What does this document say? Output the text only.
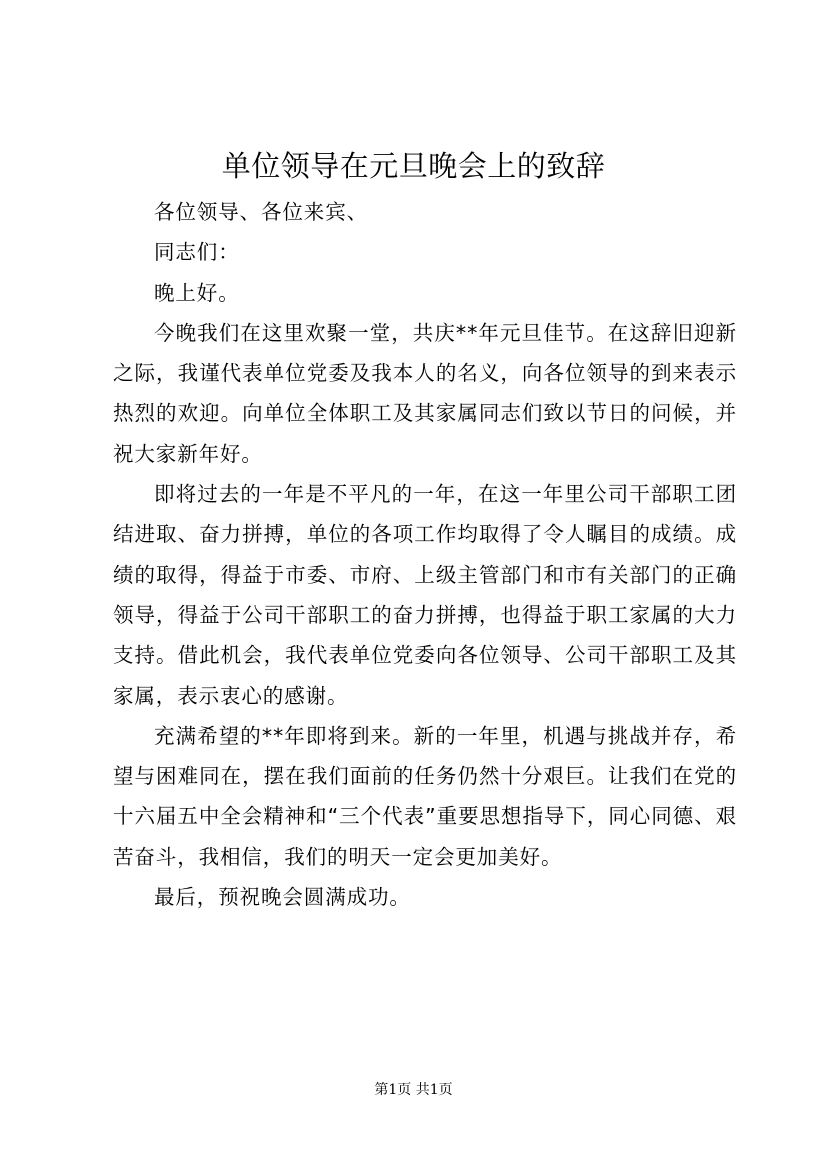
单位领导在元旦晚会上的致辞

各位领导、各位来宾、

同志们：

晚上好。

今晚我们在这里欢聚一堂，共庆**年元旦佳节。在这辞旧迎新之际，我谨代表单位党委及我本人的名义，向各位领导的到来表示热烈的欢迎。向单位全体职工及其家属同志们致以节日的问候，并祝大家新年好。

即将过去的一年是不平凡的一年，在这一年里公司干部职工团结进取、奋力拼搏，单位的各项工作均取得了令人瞩目的成绩。成绩的取得，得益于市委、市府、上级主管部门和市有关部门的正确领导，得益于公司干部职工的奋力拼搏，也得益于职工家属的大力支持。借此机会，我代表单位党委向各位领导、公司干部职工及其家属，表示衷心的感谢。

充满希望的**年即将到来。新的一年里，机遇与挑战并存，希望与困难同在，摆在我们面前的任务仍然十分艰巨。让我们在党的十六届五中全会精神和“三个代表”重要思想指导下，同心同德、艰苦奋斗，我相信，我们的明天一定会更加美好。

最后，预祝晚会圆满成功。

第1页 共1页
